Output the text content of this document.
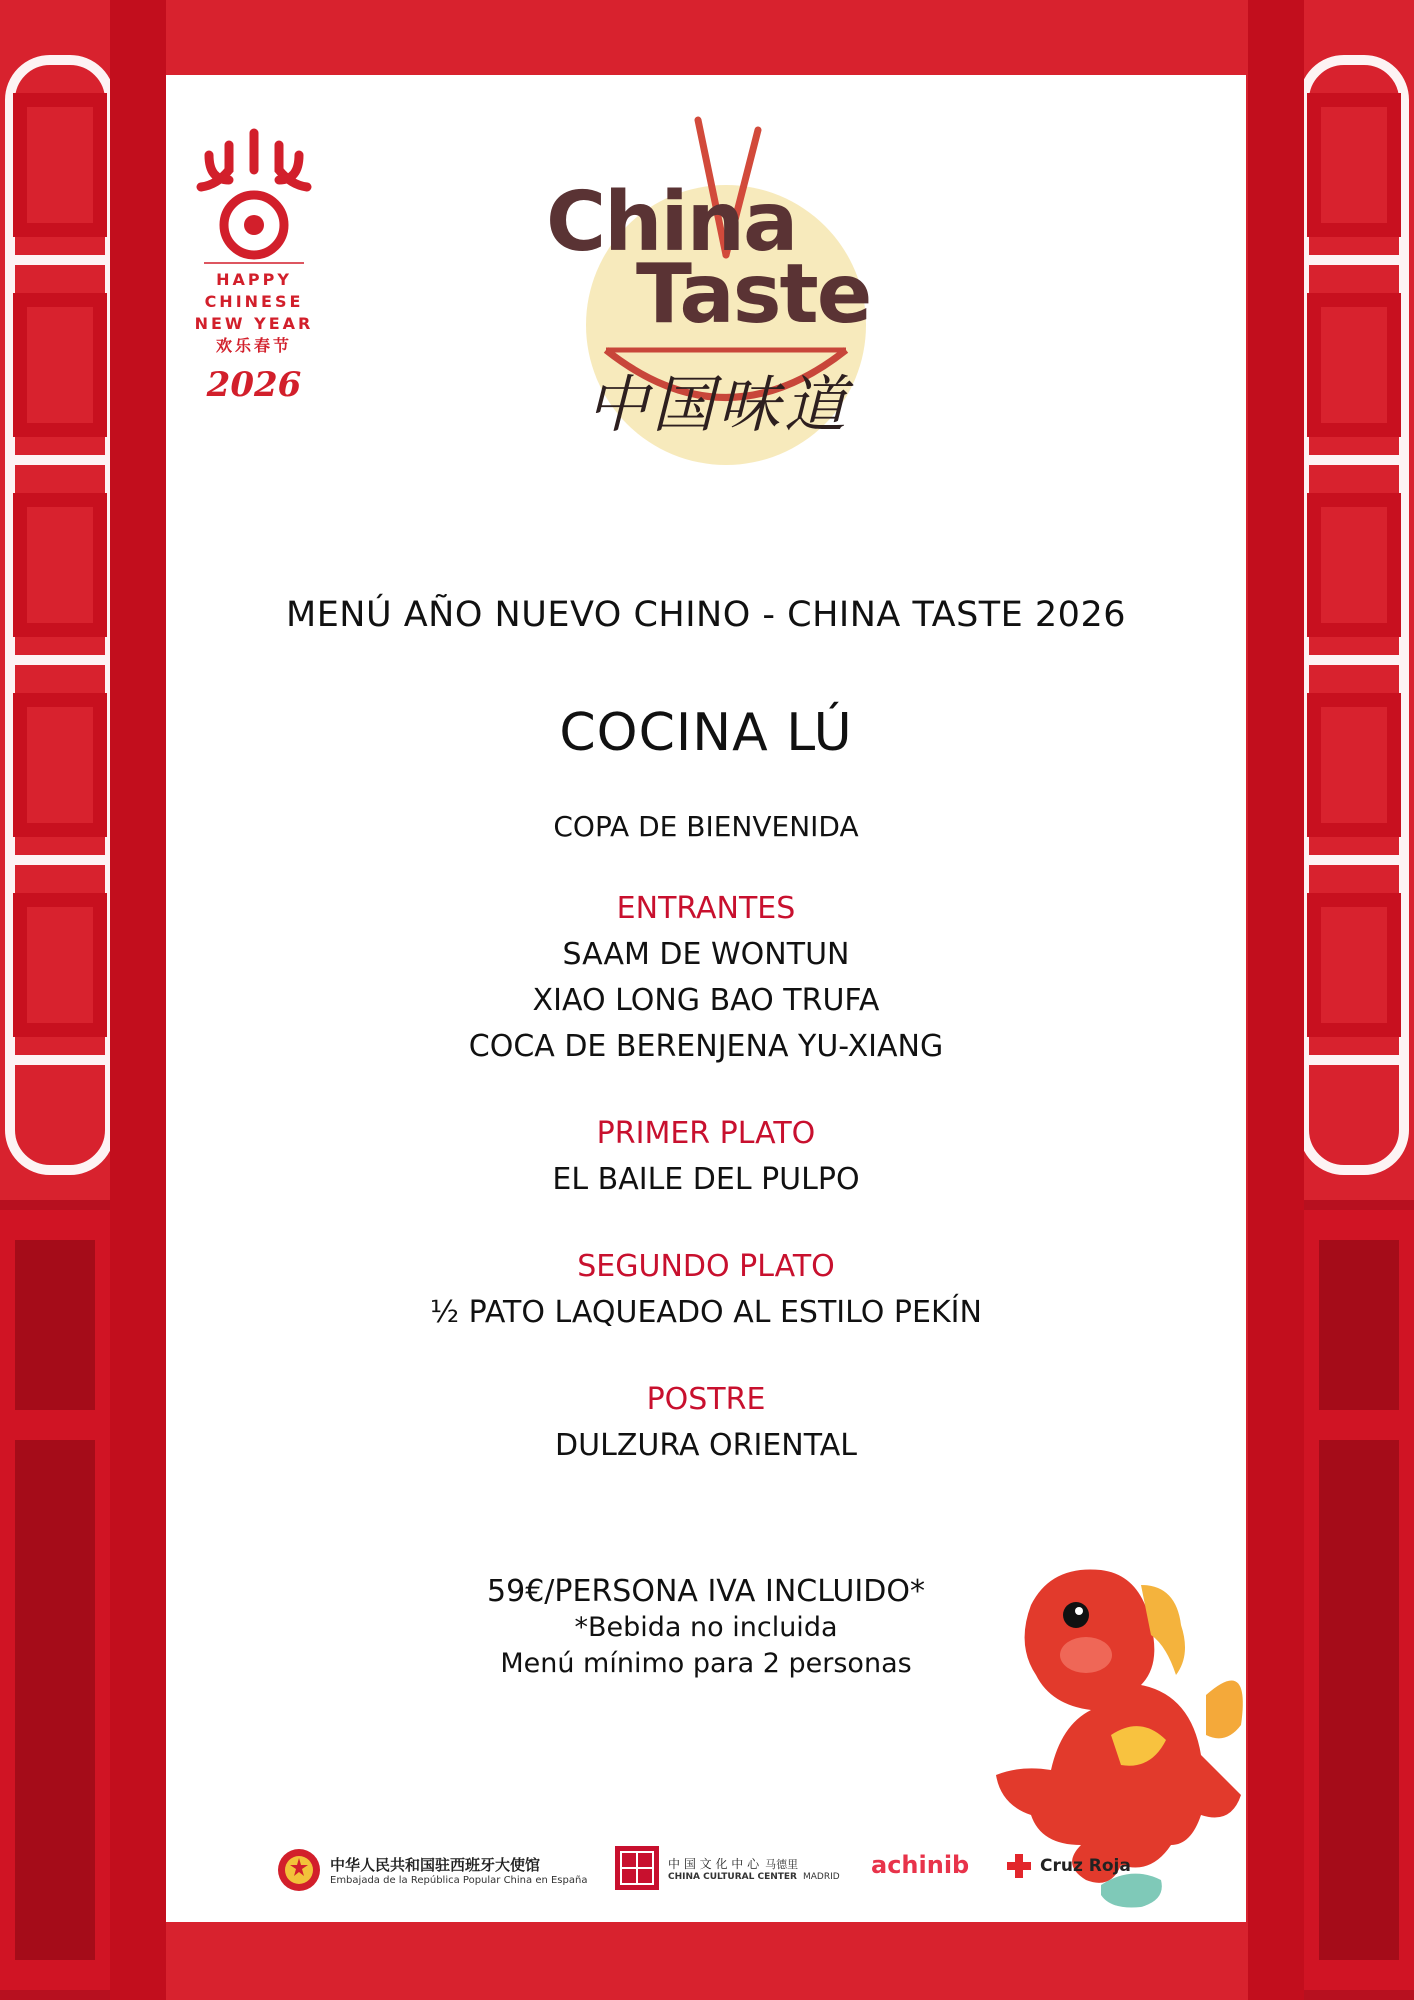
HAPPY
CHINESE
NEW YEAR
欢乐春节
2026
China
Taste
中国味道
MENÚ AÑO NUEVO CHINO - CHINA TASTE 2026
COCINA LÚ
COPA DE BIENVENIDA
ENTRANTES
SAAM DE WONTUN
XIAO LONG BAO TRUFA
COCA DE BERENJENA YU-XIANG
PRIMER PLATO
EL BAILE DEL PULPO
SEGUNDO PLATO
½ PATO LAQUEADO AL ESTILO PEKÍN
POSTRE
DULZURA ORIENTAL
59€/PERSONA IVA INCLUIDO*
*Bebida no incluida
Menú mínimo para 2 personas
中华人民共和国驻西班牙大使馆
Embajada de la República Popular China en España
中 国 文 化 中 心 马德里
CHINA CULTURAL CENTER MADRID achinib	Cruz Roja
